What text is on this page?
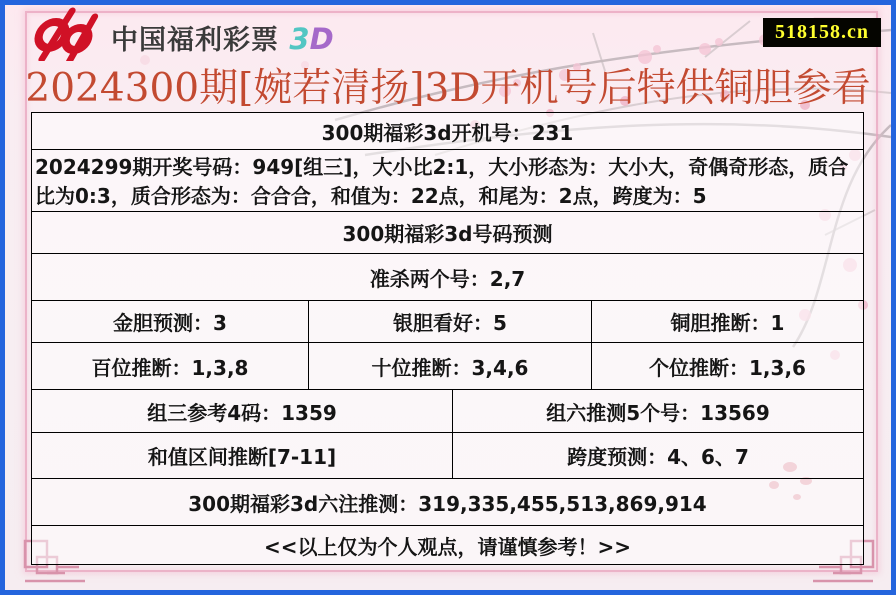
中国福利彩票 3D	518158.cn
2024300期[婉若清扬]3D开机号后特供铜胆参看
300期福彩3d开机号：231
2024299期开奖号码：949[组三]，大小比2:1，大小形态为：大小大，奇偶奇形态，质合比为0:3，质合形态为：合合合，和值为：22点，和尾为：2点，跨度为：5
300期福彩3d号码预测
准杀两个号：2,7
金胆预测：3	银胆看好：5	铜胆推断：1
百位推断：1,3,8	十位推断：3,4,6	个位推断：1,3,6
组三参考4码：1359	组六推测5个号：13569
和值区间推断[7-11]	跨度预测：4、6、7
300期福彩3d六注推测：319,335,455,513,869,914
<<以上仅为个人观点，请谨慎参考！>>
